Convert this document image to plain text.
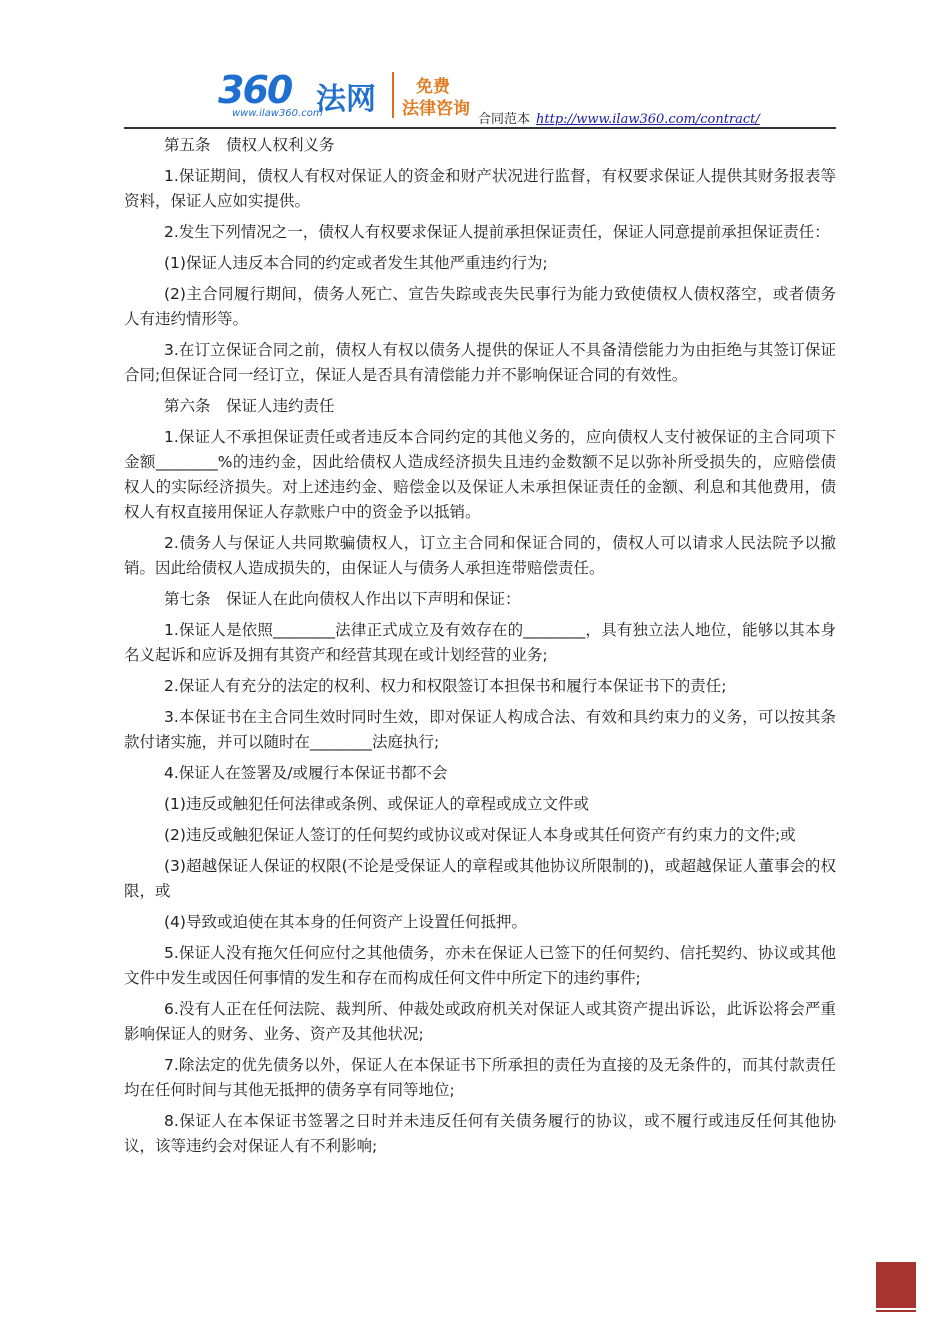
360 法网
www.ilaw360.com
免费
法律咨询
合同范本 http://www.ilaw360.com/contract/

第五条　债权人权利义务

1.保证期间，债权人有权对保证人的资金和财产状况进行监督，有权要求保证人提供其财务报表等资料，保证人应如实提供。

2.发生下列情况之一，债权人有权要求保证人提前承担保证责任，保证人同意提前承担保证责任：

(1)保证人违反本合同的约定或者发生其他严重违约行为;

(2)主合同履行期间，债务人死亡、宣告失踪或丧失民事行为能力致使债权人债权落空，或者债务人有违约情形等。

3.在订立保证合同之前，债权人有权以债务人提供的保证人不具备清偿能力为由拒绝与其签订保证合同;但保证合同一经订立，保证人是否具有清偿能力并不影响保证合同的有效性。

第六条　保证人违约责任

1.保证人不承担保证责任或者违反本合同约定的其他义务的，应向债权人支付被保证的主合同项下金额________%的违约金，因此给债权人造成经济损失且违约金数额不足以弥补所受损失的，应赔偿债权人的实际经济损失。对上述违约金、赔偿金以及保证人未承担保证责任的金额、利息和其他费用，债权人有权直接用保证人存款账户中的资金予以抵销。

2.债务人与保证人共同欺骗债权人，订立主合同和保证合同的，债权人可以请求人民法院予以撤销。因此给债权人造成损失的，由保证人与债务人承担连带赔偿责任。

第七条　保证人在此向债权人作出以下声明和保证：

1.保证人是依照________法律正式成立及有效存在的________，具有独立法人地位，能够以其本身名义起诉和应诉及拥有其资产和经营其现在或计划经营的业务;

2.保证人有充分的法定的权利、权力和权限签订本担保书和履行本保证书下的责任;

3.本保证书在主合同生效时同时生效，即对保证人构成合法、有效和具约束力的义务，可以按其条款付诸实施，并可以随时在________法庭执行;

4.保证人在签署及/或履行本保证书都不会

(1)违反或触犯任何法律或条例、或保证人的章程或成立文件或

(2)违反或触犯保证人签订的任何契约或协议或对保证人本身或其任何资产有约束力的文件;或

(3)超越保证人保证的权限(不论是受保证人的章程或其他协议所限制的)，或超越保证人董事会的权限，或

(4)导致或迫使在其本身的任何资产上设置任何抵押。

5.保证人没有拖欠任何应付之其他债务，亦未在保证人已签下的任何契约、信托契约、协议或其他文件中发生或因任何事情的发生和存在而构成任何文件中所定下的违约事件;

6.没有人正在任何法院、裁判所、仲裁处或政府机关对保证人或其资产提出诉讼，此诉讼将会严重影响保证人的财务、业务、资产及其他状况;

7.除法定的优先债务以外，保证人在本保证书下所承担的责任为直接的及无条件的，而其付款责任均在任何时间与其他无抵押的债务享有同等地位;

8.保证人在本保证书签署之日时并未违反任何有关债务履行的协议，或不履行或违反任何其他协议，该等违约会对保证人有不利影响;
